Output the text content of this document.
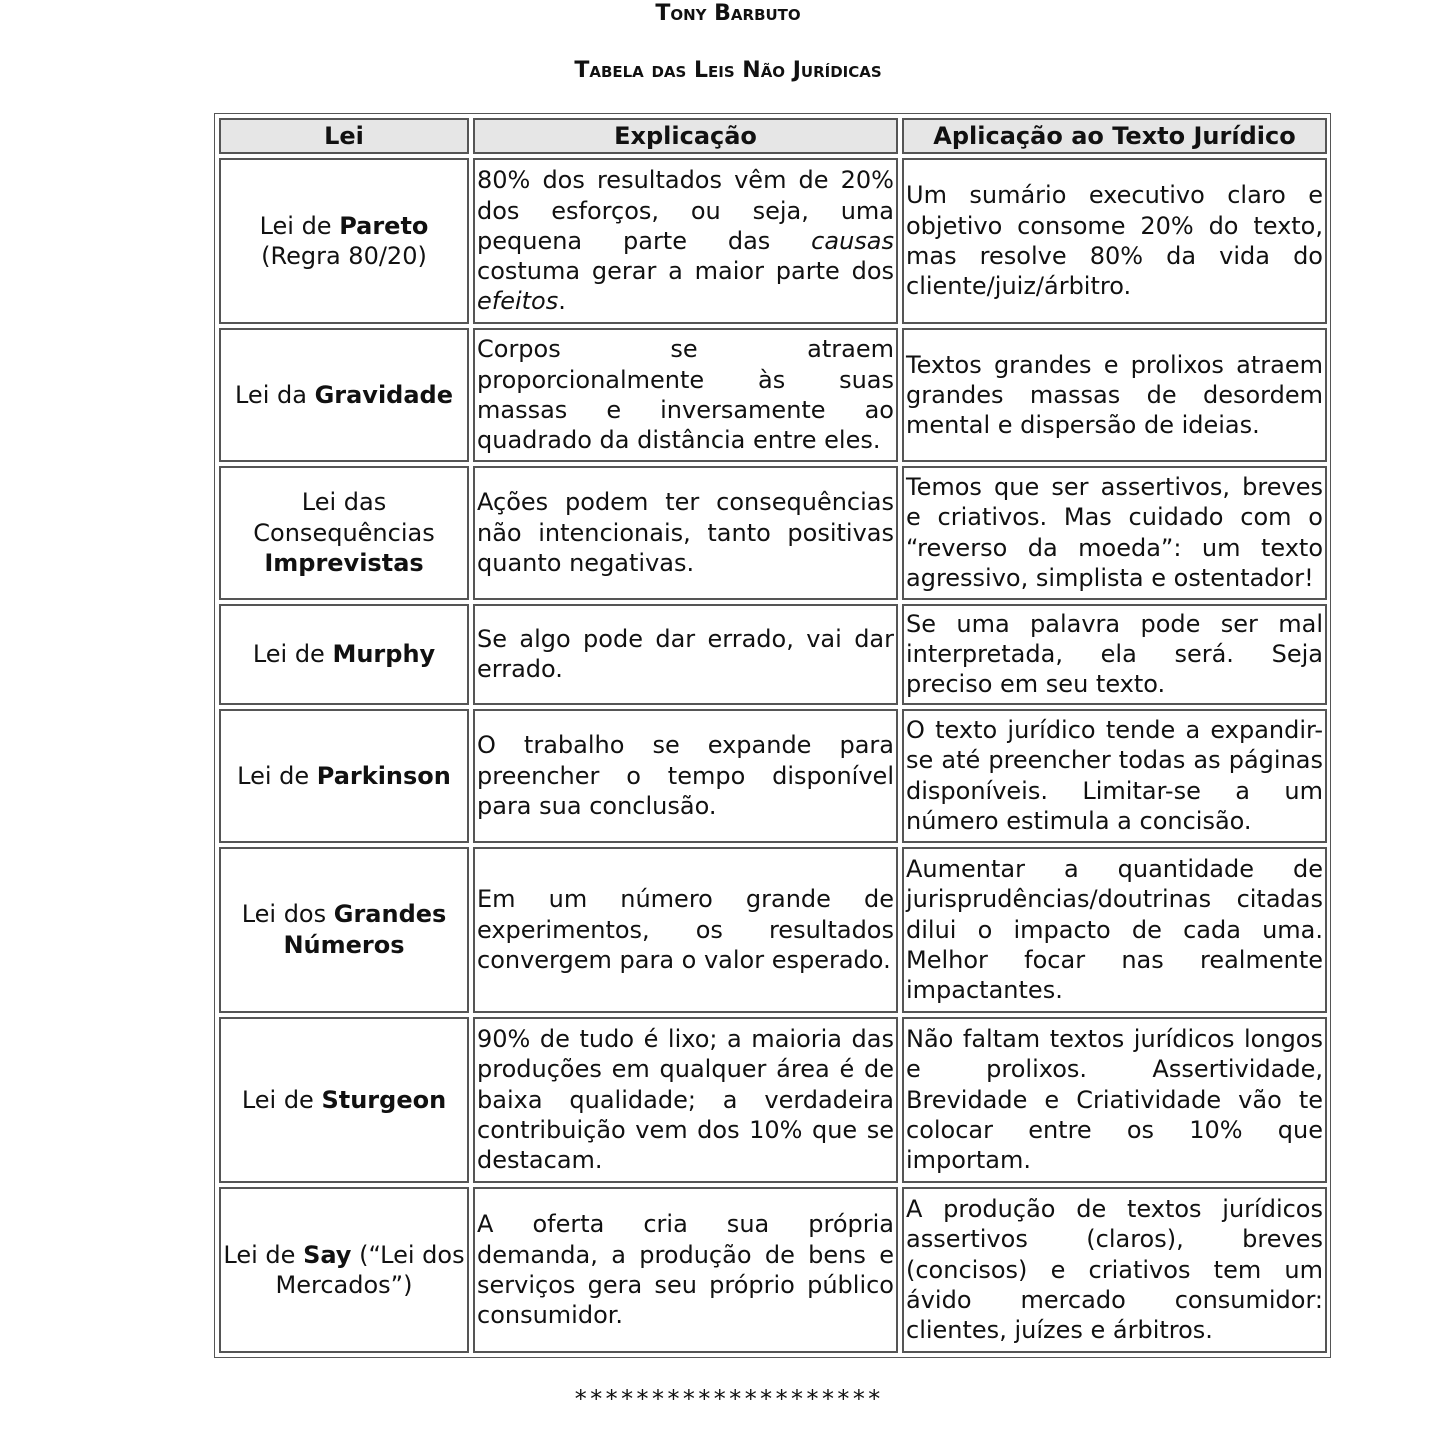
Tony Barbuto
Tabela das Leis Não Jurídicas
Lei	Explicação	Aplicação ao Texto Jurídico
Lei de Pareto (Regra 80/20)	80% dos resultados vêm de 20% dos esforços, ou seja, uma pequena parte das causas costuma gerar a maior parte dos efeitos.	Um sumário executivo claro e objetivo consome 20% do texto, mas resolve 80% da vida do cliente/juiz/árbitro.
Lei da Gravidade	Corpos se atraem proporcionalmente às suas massas e inversamente ao quadrado da distância entre eles.	Textos grandes e prolixos atraem grandes massas de desordem mental e dispersão de ideias.
Lei das Consequências Imprevistas	Ações podem ter consequências não intencionais, tanto positivas quanto negativas.	Temos que ser assertivos, breves e criativos. Mas cuidado com o “reverso da moeda”: um texto agressivo, simplista e ostentador!
Lei de Murphy	Se algo pode dar errado, vai dar errado.	Se uma palavra pode ser mal interpretada, ela será. Seja preciso em seu texto.
Lei de Parkinson	O trabalho se expande para preencher o tempo disponível para sua conclusão.	O texto jurídico tende a expandir-se até preencher todas as páginas disponíveis. Limitar-se a um número estimula a concisão.
Lei dos Grandes Números	Em um número grande de experimentos, os resultados convergem para o valor esperado.	Aumentar a quantidade de jurisprudências/doutrinas citadas dilui o impacto de cada uma. Melhor focar nas realmente impactantes.
Lei de Sturgeon	90% de tudo é lixo; a maioria das produções em qualquer área é de baixa qualidade; a verdadeira contribuição vem dos 10% que se destacam.	Não faltam textos jurídicos longos e prolixos. Assertividade, Brevidade e Criatividade vão te colocar entre os 10% que importam.
Lei de Say (“Lei dos Mercados”)	A oferta cria sua própria demanda, a produção de bens e serviços gera seu próprio público consumidor.	A produção de textos jurídicos assertivos (claros), breves (concisos) e criativos tem um ávido mercado consumidor: clientes, juízes e árbitros.
********************
